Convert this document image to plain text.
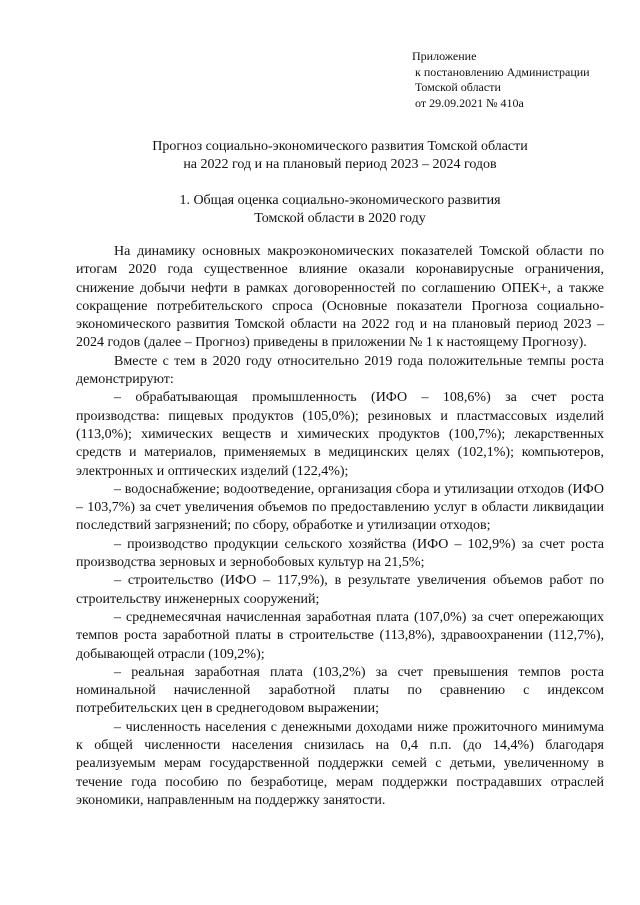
Приложение
к постановлению Администрации
Томской области
от 29.09.2021 № 410а
Прогноз социально-экономического развития Томской области
на 2022 год и на плановый период 2023 – 2024 годов
1. Общая оценка социально-экономического развития
Томской области в 2020 году

На динамику основных макроэкономических показателей Томской области по итогам 2020 года существенное влияние оказали коронавирусные ограничения, снижение добычи нефти в рамках договоренностей по соглашению ОПЕК+, а также сокращение потребительского спроса (Основные показатели Прогноза социально-экономического развития Томской области на 2022 год и на плановый период 2023 – 2024 годов (далее – Прогноз) приведены в приложении № 1 к настоящему Прогнозу).

Вместе с тем в 2020 году относительно 2019 года положительные темпы роста демонстрируют:

– обрабатывающая промышленность (ИФО – 108,6%) за счет роста производства: пищевых продуктов (105,0%); резиновых и пластмассовых изделий (113,0%); химических веществ и химических продуктов (100,7%); лекарственных средств и материалов, применяемых в медицинских целях (102,1%); компьютеров, электронных и оптических изделий (122,4%);

– водоснабжение; водоотведение, организация сбора и утилизации отходов (ИФО – 103,7%) за счет увеличения объемов по предоставлению услуг в области ликвидации последствий загрязнений; по сбору, обработке и утилизации отходов;

– производство продукции сельского хозяйства (ИФО – 102,9%) за счет роста производства зерновых и зернобобовых культур на 21,5%;

– строительство (ИФО – 117,9%), в результате увеличения объемов работ по строительству инженерных сооружений;

– среднемесячная начисленная заработная плата (107,0%) за счет опережающих темпов роста заработной платы в строительстве (113,8%), здравоохранении (112,7%), добывающей отрасли (109,2%);

– реальная заработная плата (103,2%) за счет превышения темпов роста номинальной начисленной заработной платы по сравнению с индексом потребительских цен в среднегодовом выражении;

– численность населения с денежными доходами ниже прожиточного минимума к общей численности населения снизилась на 0,4 п.п. (до 14,4%) благодаря реализуемым мерам государственной поддержки семей с детьми, увеличенному в течение года пособию по безработице, мерам поддержки пострадавших отраслей экономики, направленным на поддержку занятости.
